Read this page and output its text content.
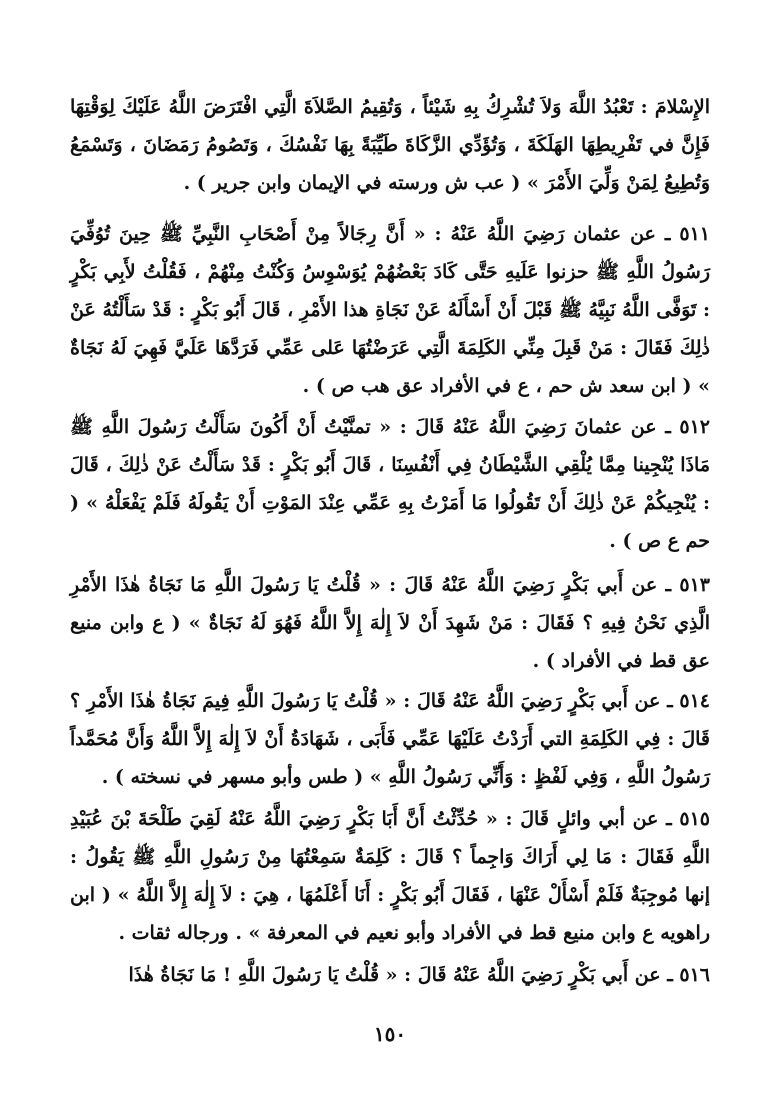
الإِسْلامَ : تَعْبُدُ اللَّهَ وَلاَ تُشْرِكُ بِهِ شَيْئاً ، وَتُقِيمُ الصَّلاَةَ الَّتِي افْتَرَضَ اللَّهُ عَلَيْكَ لِوَقْتِهَا فَإِنَّ في تَفْرِيطِهَا الهَلَكَةَ ، وَتُؤَدِّي الزَّكَاةَ طَيِّبَةً بِهَا نَفْسُكَ ، وَتَصُومُ رَمَضَانَ ، وَتَسْمَعُ وَتُطِيعُ لِمَنْ وَلِّيَ الأَمْرَ » ( عب ش ورسته في الإيمان وابن جرير ) .
٥١١ ـ عن عثمان رَضِيَ اللَّهُ عَنْهُ : « أَنَّ رِجَالاً مِنْ أَصْحَابِ النَّبِيِّ ﷺ حِينَ تُوُفِّيَ رَسُولُ اللَّهِ ﷺ حزنوا عَلَيهِ حَتَّى كَادَ بَعْضُهُمْ يُوَسْوِسُ وَكُنْتُ مِنْهُمْ ، فَقُلْتُ لأَبِي بَكْرٍ : تَوَفَّى اللَّهُ نَبِيَّهُ ﷺ قَبْلَ أَنْ أَسْأَلَهُ عَنْ نَجَاةِ هذا الأَمْرِ ، قَالَ أَبُو بَكْرٍ : قَدْ سَأَلْتُهُ عَنْ ذٰلِكَ فَقَالَ : مَنْ قَبِلَ مِنِّي الكَلِمَةَ الَّتِي عَرَضْتُهَا عَلى عَمِّي فَرَدَّهَا عَلَيَّ فَهِيَ لَهُ نَجَاةٌ » ( ابن سعد ش حم ، ع في الأفراد عق هب ص ) .
٥١٢ ـ عن عثمانَ رَضِيَ اللَّهُ عَنْهُ قَالَ : « تمنَّيْتُ أَنْ أَكُونَ سَأَلْتُ رَسُولَ اللَّهِ ﷺ مَاذَا يُنْجِينا مِمَّا يُلْقِي الشَّيْطَانُ فِي أَنْفُسِنَا ، قَالَ أَبُو بَكْرٍ : قَدْ سَأَلْتُ عَنْ ذٰلِكَ ، قَالَ : يُنْجِيكُمْ عَنْ ذٰلِكَ أَنْ تَقُولُوا مَا أَمَرْتُ بِهِ عَمِّي عِنْدَ المَوْتِ أَنْ يَقُولَهُ فَلَمْ يَفْعَلْهُ » ( حم ع ص ) .
٥١٣ ـ عن أَبي بَكْرٍ رَضِيَ اللَّهُ عَنْهُ قَالَ : « قُلْتُ يَا رَسُولَ اللَّهِ مَا نَجَاةُ هٰذَا الأَمْرِ الَّذِي نَحْنُ فِيهِ ؟ فَقَالَ : مَنْ شَهِدَ أَنْ لاَ إِلٰهَ إِلاَّ اللَّهُ فَهُوَ لَهُ نَجَاةٌ » ( ع وابن منيع عق قط في الأفراد ) .
٥١٤ ـ عن أَبي بَكْرٍ رَضِيَ اللَّهُ عَنْهُ قَالَ : « قُلْتُ يَا رَسُولَ اللَّهِ فِيمَ نَجَاةُ هٰذَا الأَمْرِ ؟ قَالَ : فِي الكَلِمَةِ التي أَرَدْتُ عَلَيْهَا عَمِّي فَأَبَى ، شَهَادَةُ أَنْ لاَ إِلٰهَ إِلاَّ اللَّهُ وَأَنَّ مُحَمَّداً رَسُولُ اللَّهِ ، وَفِي لَفْظٍ : وَأَنِّي رَسُولُ اللَّهِ » ( طس وأبو مسهر في نسخته ) .
٥١٥ ـ عن أبي وائلٍ قَالَ : « حُدِّثْتُ أَنَّ أَبَا بَكْرٍ رَضِيَ اللَّهُ عَنْهُ لَقِيَ طَلْحَةَ بْنَ عُبَيْدِ اللَّهِ فَقَالَ : مَا لِي أَرَاكَ وَاجِماً ؟ قَالَ : كَلِمَةٌ سَمِعْتُهَا مِنْ رَسُولِ اللَّهِ ﷺ يَقُولُ : إنها مُوجِبَةٌ فَلَمْ أَسْأَلْ عَنْهَا ، فَقَالَ أَبُو بَكْرٍ : أَنَا أَعْلَمُهَا ، هِيَ : لاَ إِلٰهَ إِلاَّ اللَّهُ » ( ابن راهويه ع وابن منيع قط في الأفراد وأبو نعيم في المعرفة » . ورجاله ثقات .
٥١٦ ـ عن أَبي بَكْرٍ رَضِيَ اللَّهُ عَنْهُ قَالَ : « قُلْتُ يَا رَسُولَ اللَّهِ ! مَا نَجَاةُ هٰذَا
١٥٠
